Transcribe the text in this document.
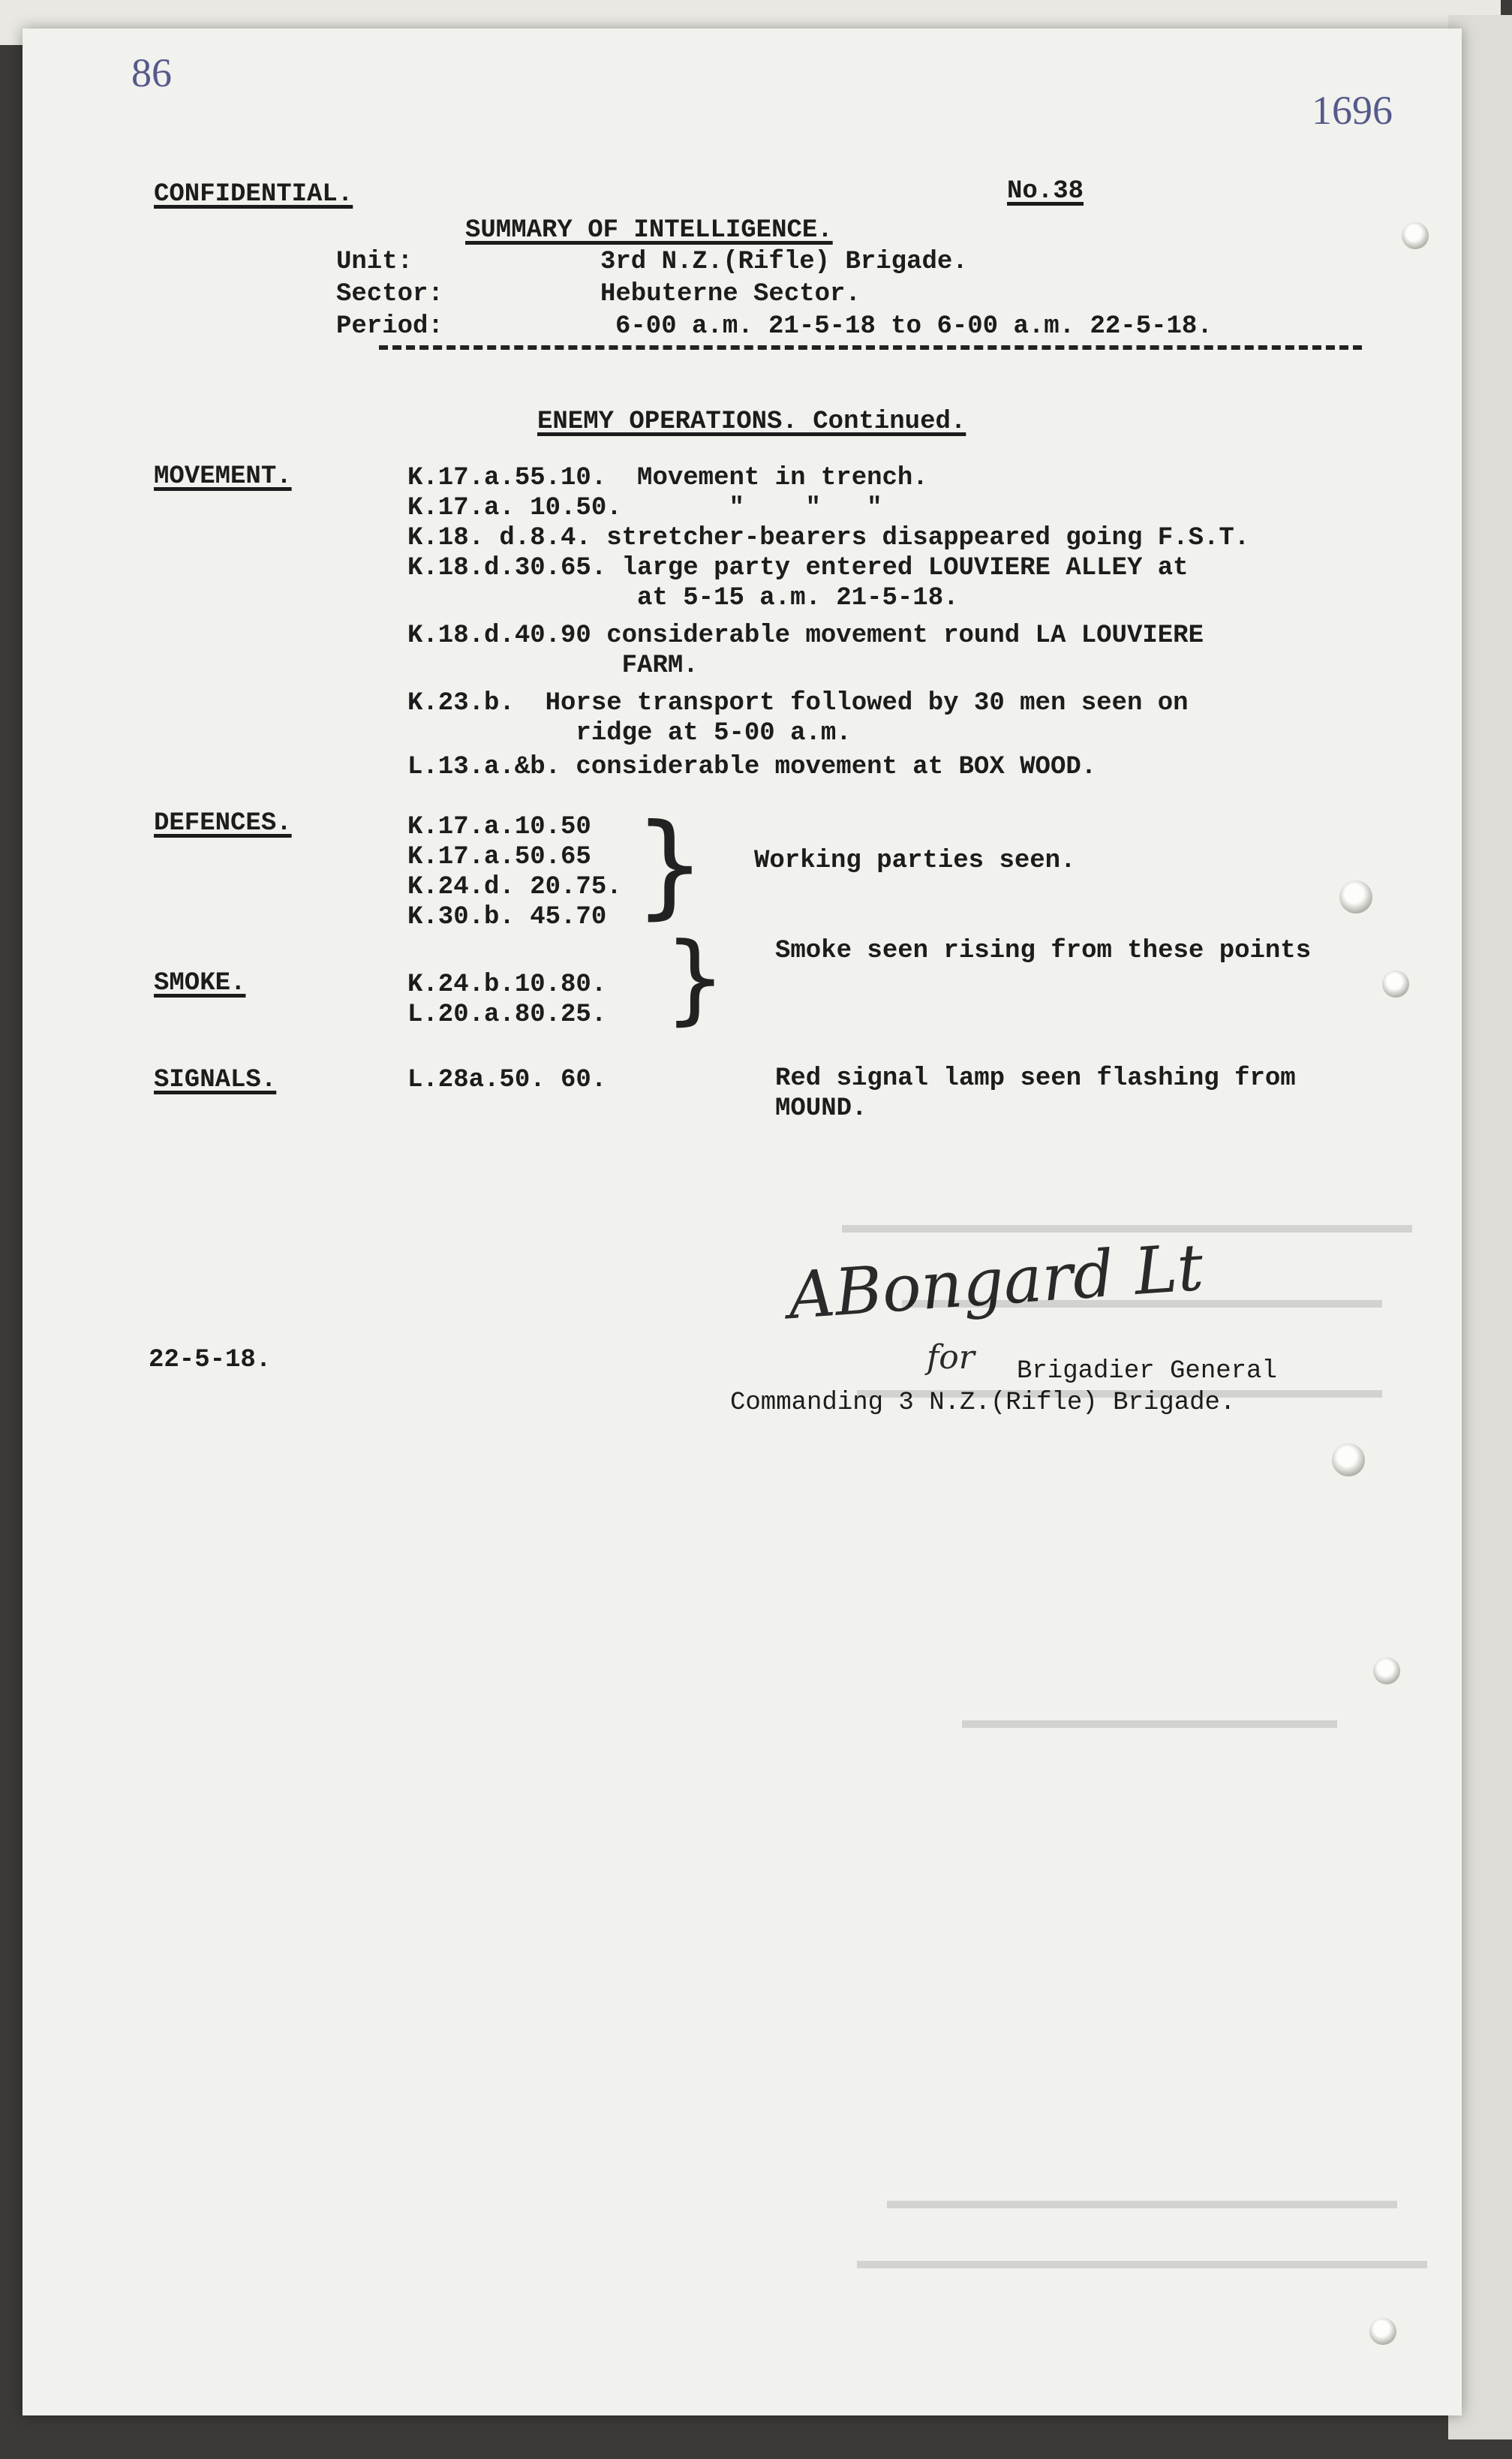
86
1696
CONFIDENTIAL.	No.38
SUMMARY OF INTELLIGENCE.
Unit:	3rd N.Z.(Rifle) Brigade.
Sector:	Hebuterne Sector.
Period:	6-00 a.m. 21-5-18 to 6-00 a.m. 22-5-18.
ENEMY OPERATIONS. Continued.
MOVEMENT.	K.17.a.55.10.  Movement in trench.
K.17.a. 10.50.       "    "   "
K.18. d.8.4. stretcher-bearers disappeared going F.S.T.
K.18.d.30.65. large party entered LOUVIERE ALLEY at
at 5-15 a.m. 21-5-18.
K.18.d.40.90 considerable movement round LA LOUVIERE
FARM.
K.23.b.  Horse transport followed by 30 men seen on
ridge at 5-00 a.m.
L.13.a.&b. considerable movement at BOX WOOD.
DEFENCES.	K.17.a.10.50
K.17.a.50.65
K.24.d. 20.75.
K.30.b. 45.70 } Working parties seen.
} Smoke seen rising from these points
SMOKE.	K.24.b.10.80.
L.20.a.80.25.
SIGNALS.	L.28a.50. 60.	Red signal lamp seen flashing from
MOUND.
ABongard Lt
22-5-18.	for Brigadier General
Commanding 3 N.Z.(Rifle) Brigade.
